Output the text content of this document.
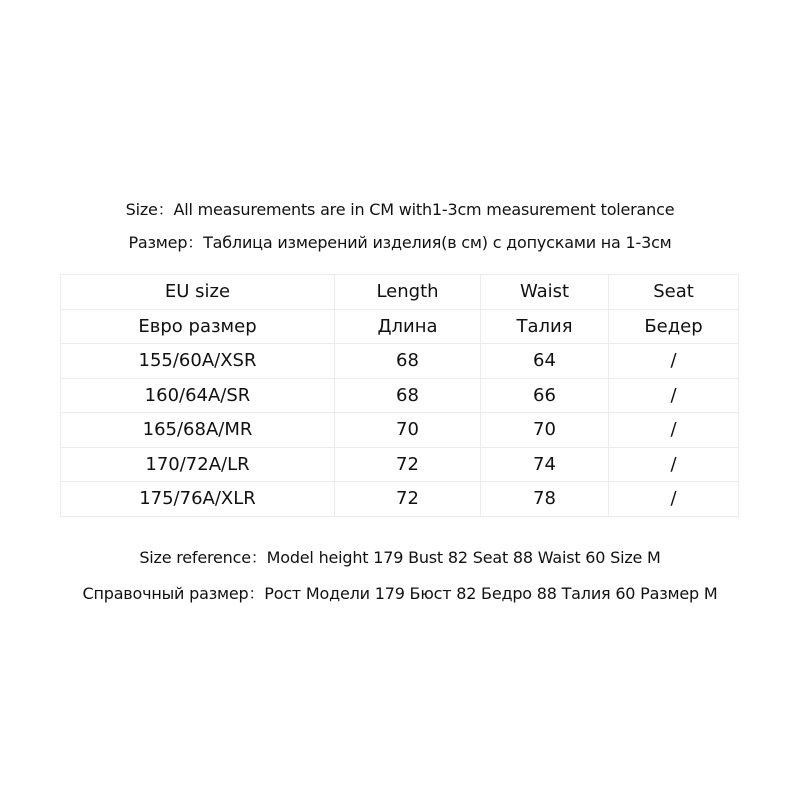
Size：All measurements are in CM with1-3cm measurement tolerance
Размер：Таблица измерений изделия(в см) с допусками на 1-3см
EU size	Length	Waist	Seat
Евро размер	Длина	Талия	Бедер
155/60A/XSR	68	64	/
160/64A/SR	68	66	/
165/68A/MR	70	70	/
170/72A/LR	72	74	/
175/76A/XLR	72	78	/
Size reference：Model height 179 Bust 82 Seat 88 Waist 60 Size M
Справочный размер：Рост Модели 179 Бюст 82 Бедро 88 Талия 60 Размер M
